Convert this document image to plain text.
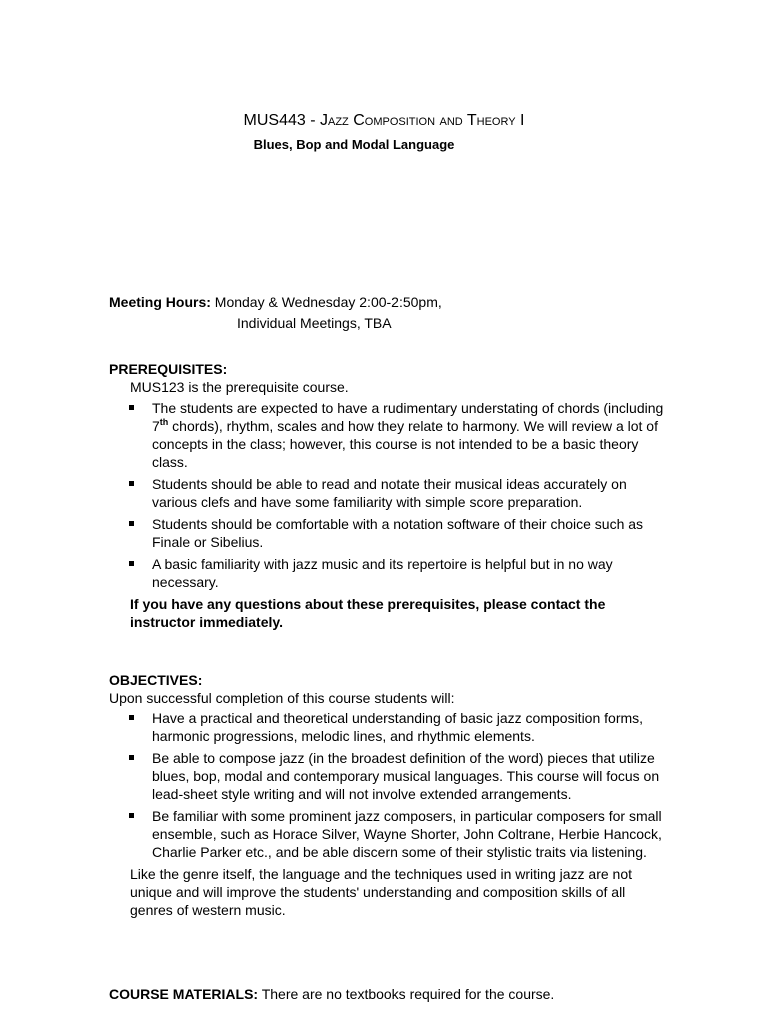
MUS443 - Jazz Composition and Theory I
Blues, Bop and Modal Language
Meeting Hours: Monday & Wednesday 2:00-2:50pm,
Individual Meetings, TBA
PREREQUISITES:
MUS123 is the prerequisite course.
The students are expected to have a rudimentary understating of chords (including 7th chords), rhythm, scales and how they relate to harmony. We will review a lot of concepts in the class; however, this course is not intended to be a basic theory class.
Students should be able to read and notate their musical ideas accurately on various clefs and have some familiarity with simple score preparation.
Students should be comfortable with a notation software of their choice such as Finale or Sibelius.
A basic familiarity with jazz music and its repertoire is helpful but in no way necessary.
If you have any questions about these prerequisites, please contact the instructor immediately.
OBJECTIVES:
Upon successful completion of this course students will:
Have a practical and theoretical understanding of basic jazz composition forms, harmonic progressions, melodic lines, and rhythmic elements.
Be able to compose jazz (in the broadest definition of the word) pieces that utilize blues, bop, modal and contemporary musical languages. This course will focus on lead-sheet style writing and will not involve extended arrangements.
Be familiar with some prominent jazz composers, in particular composers for small ensemble, such as Horace Silver, Wayne Shorter, John Coltrane, Herbie Hancock, Charlie Parker etc., and be able discern some of their stylistic traits via listening.
Like the genre itself, the language and the techniques used in writing jazz are not unique and will improve the students' understanding and composition skills of all genres of western music.
COURSE MATERIALS: There are no textbooks required for the course.
